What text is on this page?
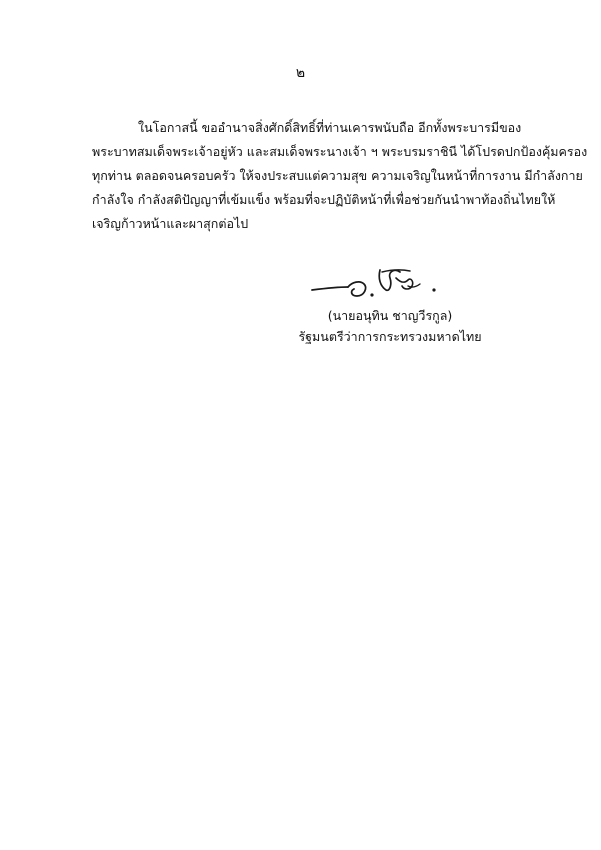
๒
ในโอกาสนี้ ขออำนาจสิ่งศักดิ์สิทธิ์ที่ท่านเคารพนับถือ อีกทั้งพระบารมีของ
พระบาทสมเด็จพระเจ้าอยู่หัว และสมเด็จพระนางเจ้า ฯ พระบรมราชินี ได้โปรดปกป้องคุ้มครอง
ทุกท่าน ตลอดจนครอบครัว ให้จงประสบแต่ความสุข ความเจริญในหน้าที่การงาน มีกำลังกาย
กำลังใจ กำลังสติปัญญาที่เข้มแข็ง พร้อมที่จะปฏิบัติหน้าที่เพื่อช่วยกันนำพาท้องถิ่นไทยให้
เจริญก้าวหน้าและผาสุกต่อไป
(นายอนุทิน ชาญวีรกูล)
รัฐมนตรีว่าการกระทรวงมหาดไทย
